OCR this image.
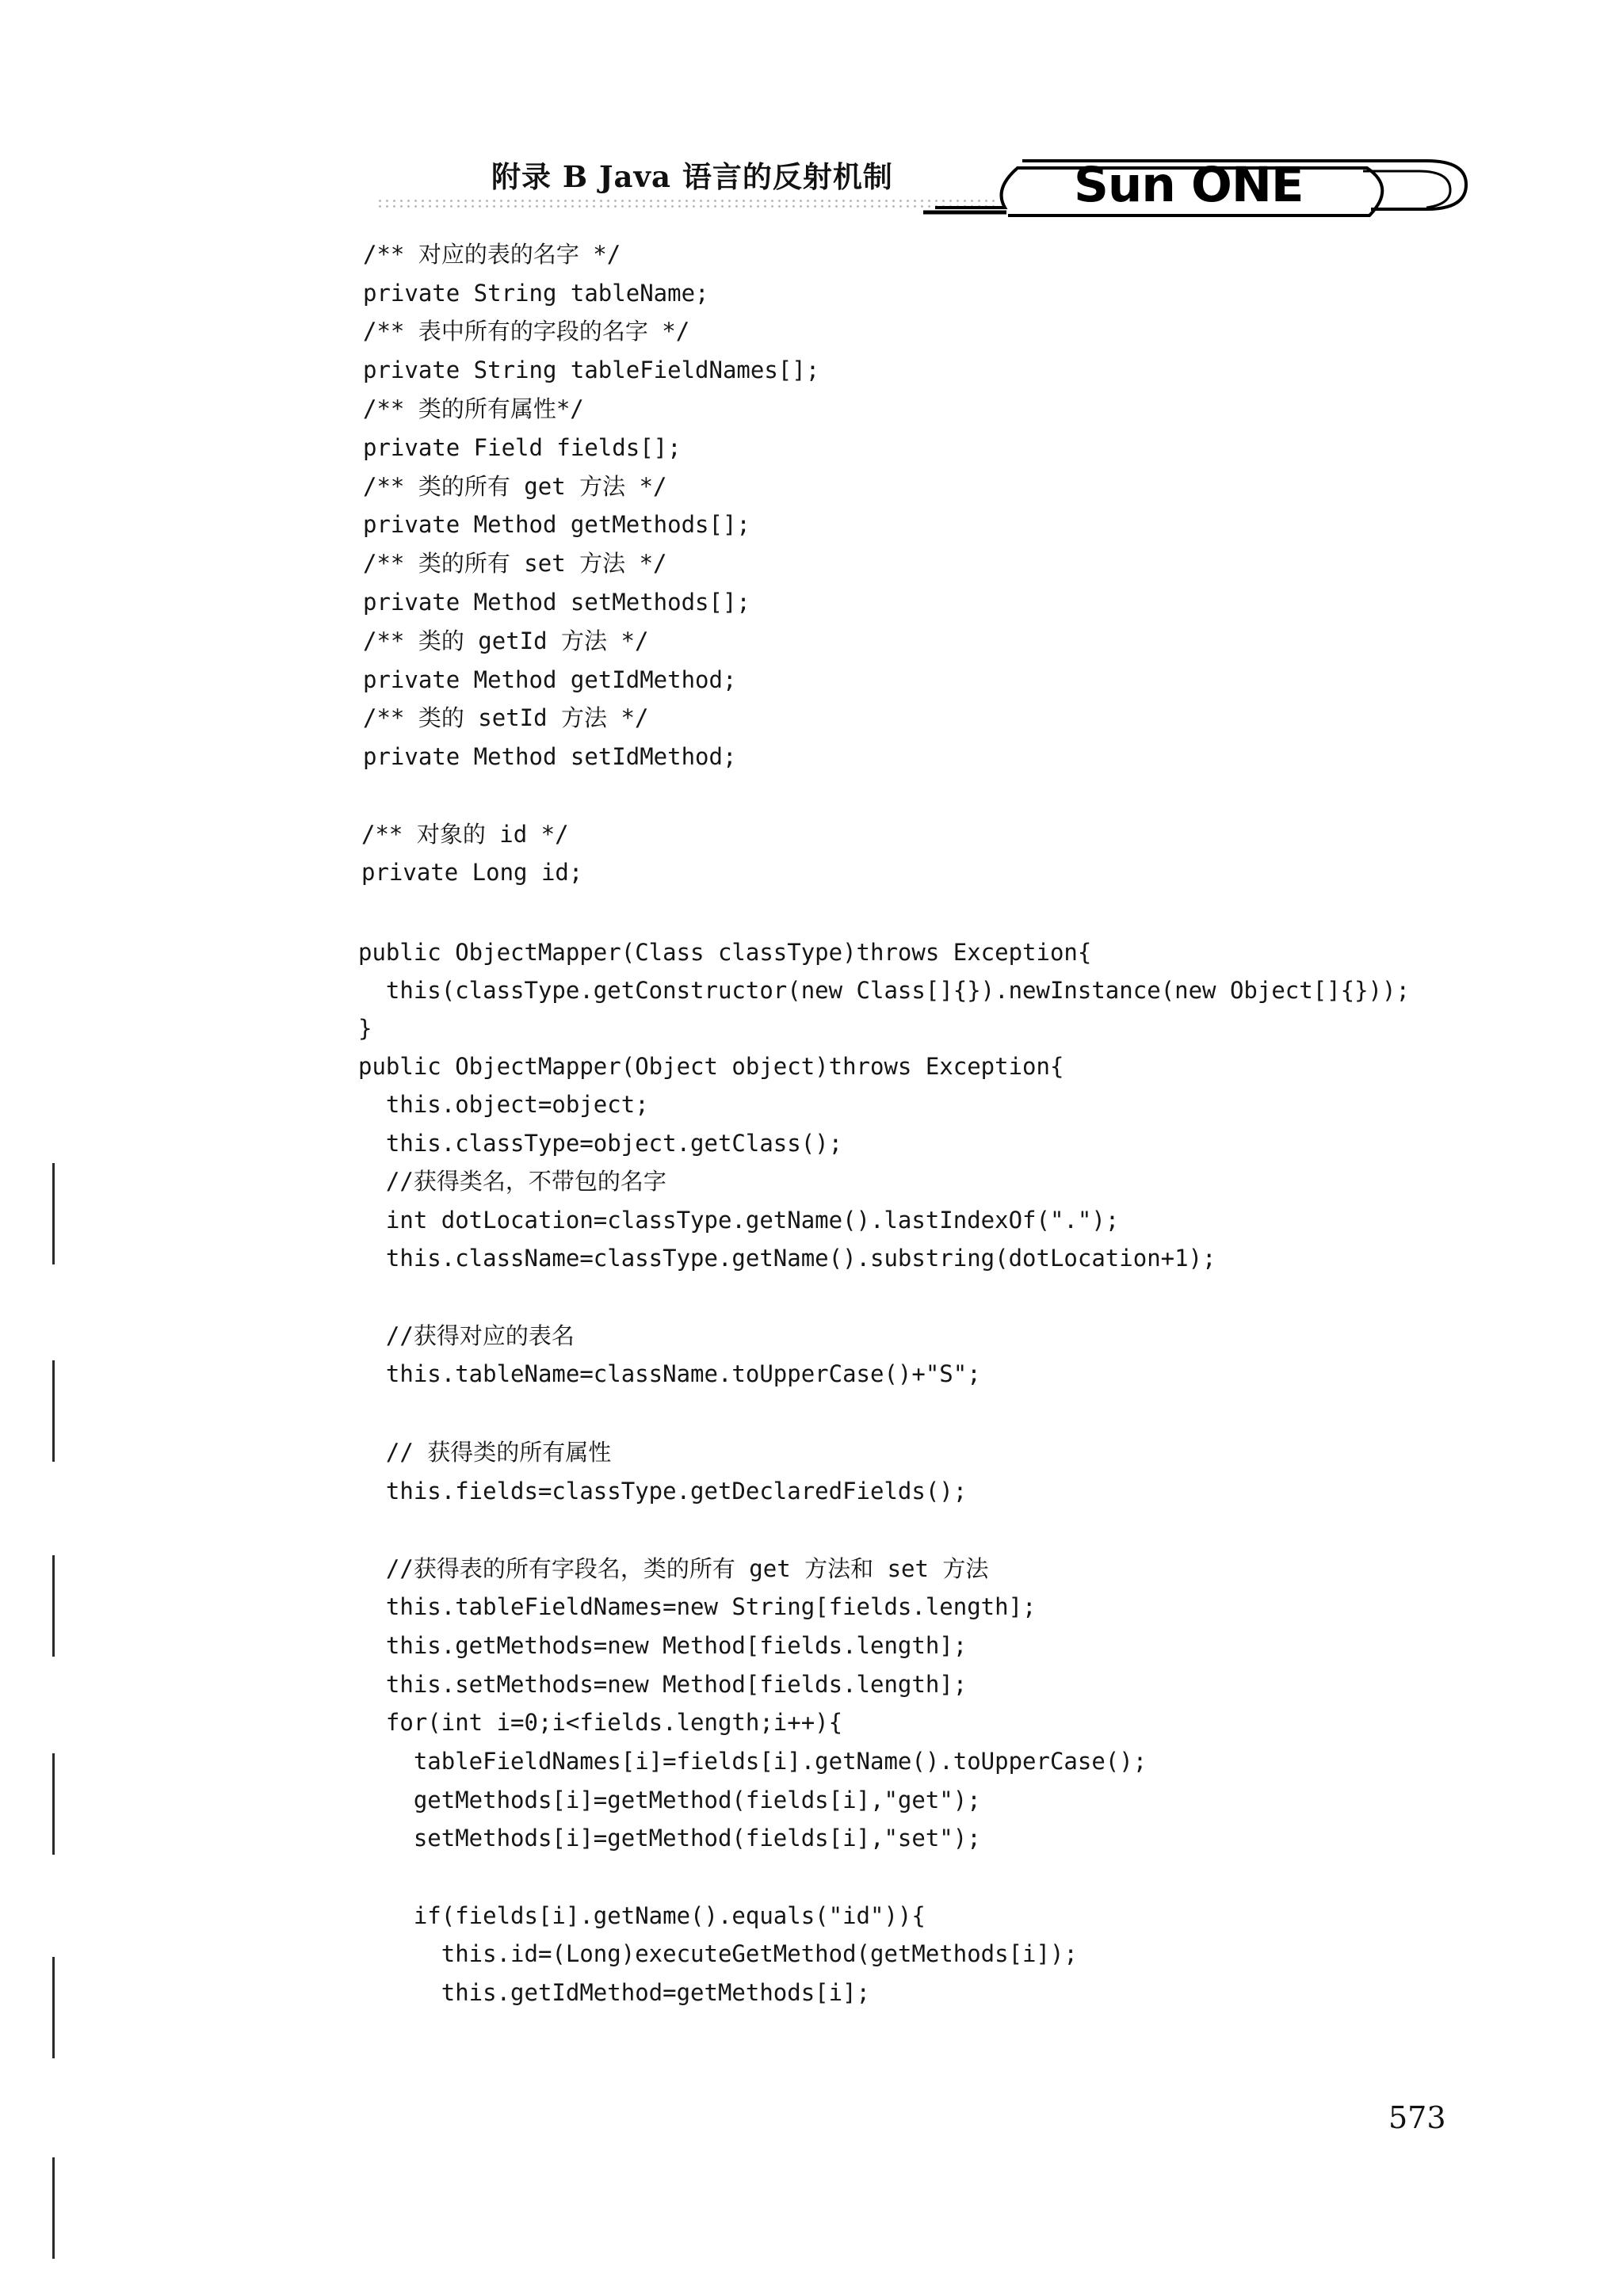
附录 B Java 语言的反射机制	Sun ONE
/** 对应的表的名字 */
private String tableName;
/** 表中所有的字段的名字 */
private String tableFieldNames[];
/** 类的所有属性*/
private Field fields[];
/** 类的所有 get 方法 */
private Method getMethods[];
/** 类的所有 set 方法 */
private Method setMethods[];
/** 类的 getId 方法 */
private Method getIdMethod;
/** 类的 setId 方法 */
private Method setIdMethod;
/** 对象的 id */
private Long id;
public ObjectMapper(Class classType)throws Exception{
this(classType.getConstructor(new Class[]{}).newInstance(new Object[]{}));
}
public ObjectMapper(Object object)throws Exception{
this.object=object;
this.classType=object.getClass();
//获得类名，不带包的名字
int dotLocation=classType.getName().lastIndexOf(".");
this.className=classType.getName().substring(dotLocation+1);
//获得对应的表名
this.tableName=className.toUpperCase()+"S";
// 获得类的所有属性
this.fields=classType.getDeclaredFields();
//获得表的所有字段名，类的所有 get 方法和 set 方法
this.tableFieldNames=new String[fields.length];
this.getMethods=new Method[fields.length];
this.setMethods=new Method[fields.length];
for(int i=0;i<fields.length;i++){
tableFieldNames[i]=fields[i].getName().toUpperCase();
getMethods[i]=getMethod(fields[i],"get");
setMethods[i]=getMethod(fields[i],"set");
if(fields[i].getName().equals("id")){
this.id=(Long)executeGetMethod(getMethods[i]);
this.getIdMethod=getMethods[i];
573
